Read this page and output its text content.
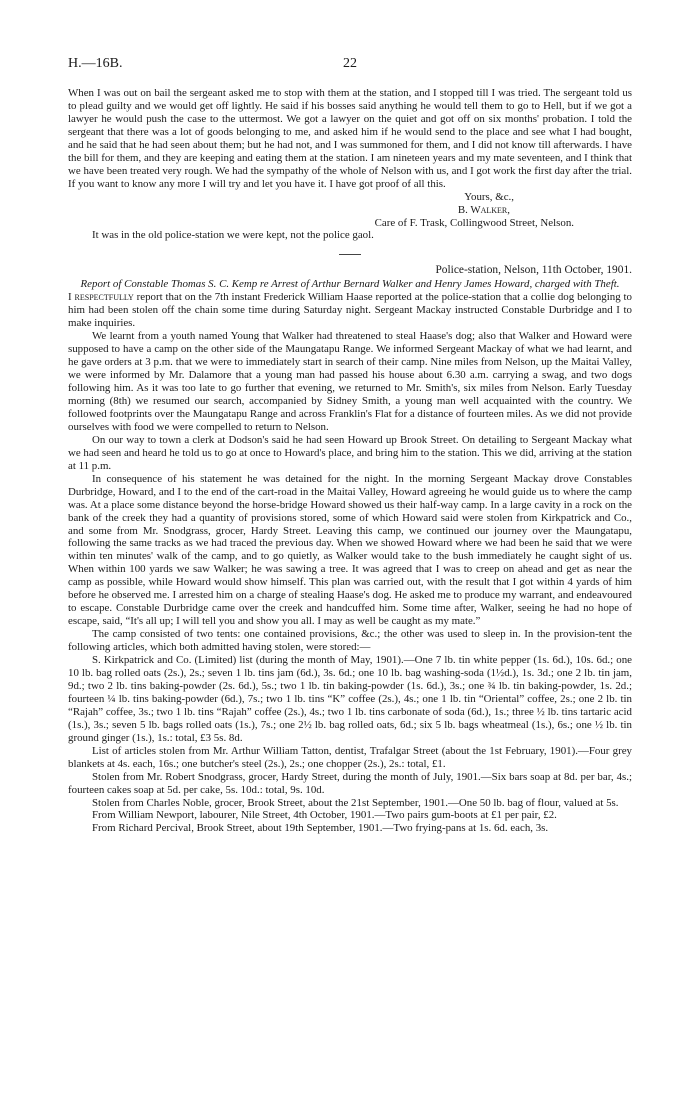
H.—16B.	22

When I was out on bail the sergeant asked me to stop with them at the station, and I stopped till I was tried. The sergeant told us to plead guilty and we would get off lightly. He said if his bosses said anything he would tell them to go to Hell, but if we got a lawyer he would push the case to the uttermost. We got a lawyer on the quiet and got off on six months' probation. I told the sergeant that there was a lot of goods belonging to me, and asked him if he would send to the place and see what I had bought, and he said that he had seen about them; but he had not, and I was summoned for them, and I did not know till afterwards. I have the bill for them, and they are keeping and eating them at the station. I am nineteen years and my mate seventeen, and I think that we have been treated very rough. We had the sympathy of the whole of Nelson with us, and I got work the first day after the trial. If you want to know any more I will try and let you have it. I have got proof of all this.

Yours, &c.,

B. Walker,

Care of F. Trask, Collingwood Street, Nelson.

It was in the old police-station we were kept, not the police gaol.

Police-station, Nelson, 11th October, 1901.

Report of Constable Thomas S. C. Kemp re Arrest of Arthur Bernard Walker and Henry James Howard, charged with Theft.

I respectfully report that on the 7th instant Frederick William Haase reported at the police-station that a collie dog belonging to him had been stolen off the chain some time during Saturday night. Sergeant Mackay instructed Constable Durbridge and I to make inquiries.

We learnt from a youth named Young that Walker had threatened to steal Haase's dog; also that Walker and Howard were supposed to have a camp on the other side of the Maungatapu Range. We informed Sergeant Mackay of what we had learnt, and he gave orders at 3 p.m. that we were to immediately start in search of their camp. Nine miles from Nelson, up the Maitai Valley, we were informed by Mr. Dalamore that a young man had passed his house about 6.30 a.m. carrying a swag, and two dogs following him. As it was too late to go further that evening, we returned to Mr. Smith's, six miles from Nelson. Early Tuesday morning (8th) we resumed our search, accompanied by Sidney Smith, a young man well acquainted with the country. We followed footprints over the Maungatapu Range and across Franklin's Flat for a distance of fourteen miles. As we did not provide ourselves with food we were compelled to return to Nelson.

On our way to town a clerk at Dodson's said he had seen Howard up Brook Street. On detailing to Sergeant Mackay what we had seen and heard he told us to go at once to Howard's place, and bring him to the station. This we did, arriving at the station at 11 p.m.

In consequence of his statement he was detained for the night. In the morning Sergeant Mackay drove Constables Durbridge, Howard, and I to the end of the cart-road in the Maitai Valley, Howard agreeing he would guide us to where the camp was. At a place some distance beyond the horse-bridge Howard showed us their half-way camp. In a large cavity in a rock on the bank of the creek they had a quantity of provisions stored, some of which Howard said were stolen from Kirkpatrick and Co., and some from Mr. Snodgrass, grocer, Hardy Street. Leaving this camp, we continued our journey over the Maungatapu, following the same tracks as we had traced the previous day. When we showed Howard where we had been he said that we were within ten minutes' walk of the camp, and to go quietly, as Walker would take to the bush immediately he caught sight of us. When within 100 yards we saw Walker; he was sawing a tree. It was agreed that I was to creep on ahead and get as near the camp as possible, while Howard would show himself. This plan was carried out, with the result that I got within 4 yards of him before he observed me. I arrested him on a charge of stealing Haase's dog. He asked me to produce my warrant, and endeavoured to escape. Constable Durbridge came over the creek and handcuffed him. Some time after, Walker, seeing he had no hope of escape, said, “It's all up; I will tell you and show you all. I may as well be caught as my mate.”

The camp consisted of two tents: one contained provisions, &c.; the other was used to sleep in. In the provision-tent the following articles, which both admitted having stolen, were stored:—

S. Kirkpatrick and Co. (Limited) list (during the month of May, 1901).—One 7 lb. tin white pepper (1s. 6d.), 10s. 6d.; one 10 lb. bag rolled oats (2s.), 2s.; seven 1 lb. tins jam (6d.), 3s. 6d.; one 10 lb. bag washing-soda (1½d.), 1s. 3d.; one 2 lb. tin jam, 9d.; two 2 lb. tins baking-powder (2s. 6d.), 5s.; two 1 lb. tin baking-powder (1s. 6d.), 3s.; one ¾ lb. tin baking-powder, 1s. 2d.; fourteen ¼ lb. tins baking-powder (6d.), 7s.; two 1 lb. tins “K” coffee (2s.), 4s.; one 1 lb. tin “Oriental” coffee, 2s.; one 2 lb. tin “Rajah” coffee, 3s.; two 1 lb. tins “Rajah” coffee (2s.), 4s.; two 1 lb. tins carbonate of soda (6d.), 1s.; three ½ lb. tins tartaric acid (1s.), 3s.; seven 5 lb. bags rolled oats (1s.), 7s.; one 2½ lb. bag rolled oats, 6d.; six 5 lb. bags wheatmeal (1s.), 6s.; one ½ lb. tin ground ginger (1s.), 1s.: total, £3 5s. 8d.

List of articles stolen from Mr. Arthur William Tatton, dentist, Trafalgar Street (about the 1st February, 1901).—Four grey blankets at 4s. each, 16s.; one butcher's steel (2s.), 2s.; one chopper (2s.), 2s.: total, £1.

Stolen from Mr. Robert Snodgrass, grocer, Hardy Street, during the month of July, 1901.—Six bars soap at 8d. per bar, 4s.; fourteen cakes soap at 5d. per cake, 5s. 10d.: total, 9s. 10d.

Stolen from Charles Noble, grocer, Brook Street, about the 21st September, 1901.—One 50 lb. bag of flour, valued at 5s.

From William Newport, labourer, Nile Street, 4th October, 1901.—Two pairs gum-boots at £1 per pair, £2.

From Richard Percival, Brook Street, about 19th September, 1901.—Two frying-pans at 1s. 6d. each, 3s.
